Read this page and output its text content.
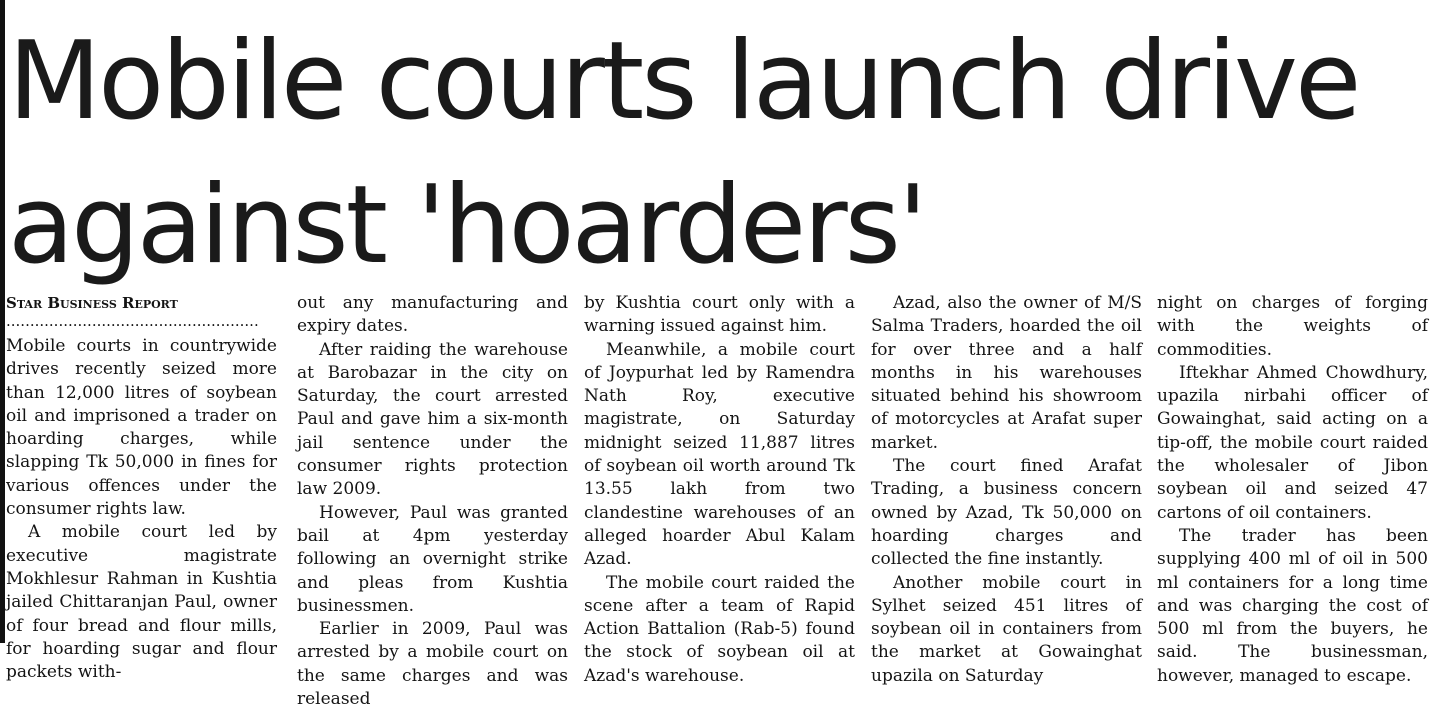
Mobile courts launch drive
against 'hoarders'
Star Business Report
.....................................................

Mobile courts in countrywide drives recently seized more than 12,000 litres of soybean oil and imprisoned a trader on hoarding charges, while slapping Tk 50,000 in fines for various offences under the consumer rights law.

A mobile court led by executive magistrate Mokhlesur Rahman in Kushtia jailed Chittaranjan Paul, owner of four bread and flour mills, for hoarding sugar and flour packets with-

out any manufacturing and expiry dates.

After raiding the warehouse at Barobazar in the city on Saturday, the court arrested Paul and gave him a six-month jail sentence under the consumer rights protection law 2009.

However, Paul was granted bail at 4pm yesterday following an overnight strike and pleas from Kushtia businessmen.

Earlier in 2009, Paul was arrested by a mobile court on the same charges and was released

by Kushtia court only with a warning issued against him.

Meanwhile, a mobile court of Joypurhat led by Ramendra Nath Roy, executive magistrate, on Saturday midnight seized 11,887 litres of soybean oil worth around Tk 13.55 lakh from two clandestine warehouses of an alleged hoarder Abul Kalam Azad.

The mobile court raided the scene after a team of Rapid Action Battalion (Rab-5) found the stock of soybean oil at Azad's warehouse.

Azad, also the owner of M/S Salma Traders, hoarded the oil for over three and a half months in his warehouses situated behind his showroom of motorcycles at Arafat super market.

The court fined Arafat Trading, a business concern owned by Azad, Tk 50,000 on hoarding charges and collected the fine instantly.

Another mobile court in Sylhet seized 451 litres of soybean oil in containers from the market at Gowainghat upazila on Saturday

night on charges of forging with the weights of commodities.

Iftekhar Ahmed Chowdhury, upazila nirbahi officer of Gowainghat, said acting on a tip-off, the mobile court raided the wholesaler of Jibon soybean oil and seized 47 cartons of oil containers.

The trader has been supplying 400 ml of oil in 500 ml containers for a long time and was charging the cost of 500 ml from the buyers, he said. The businessman, however, managed to escape.
